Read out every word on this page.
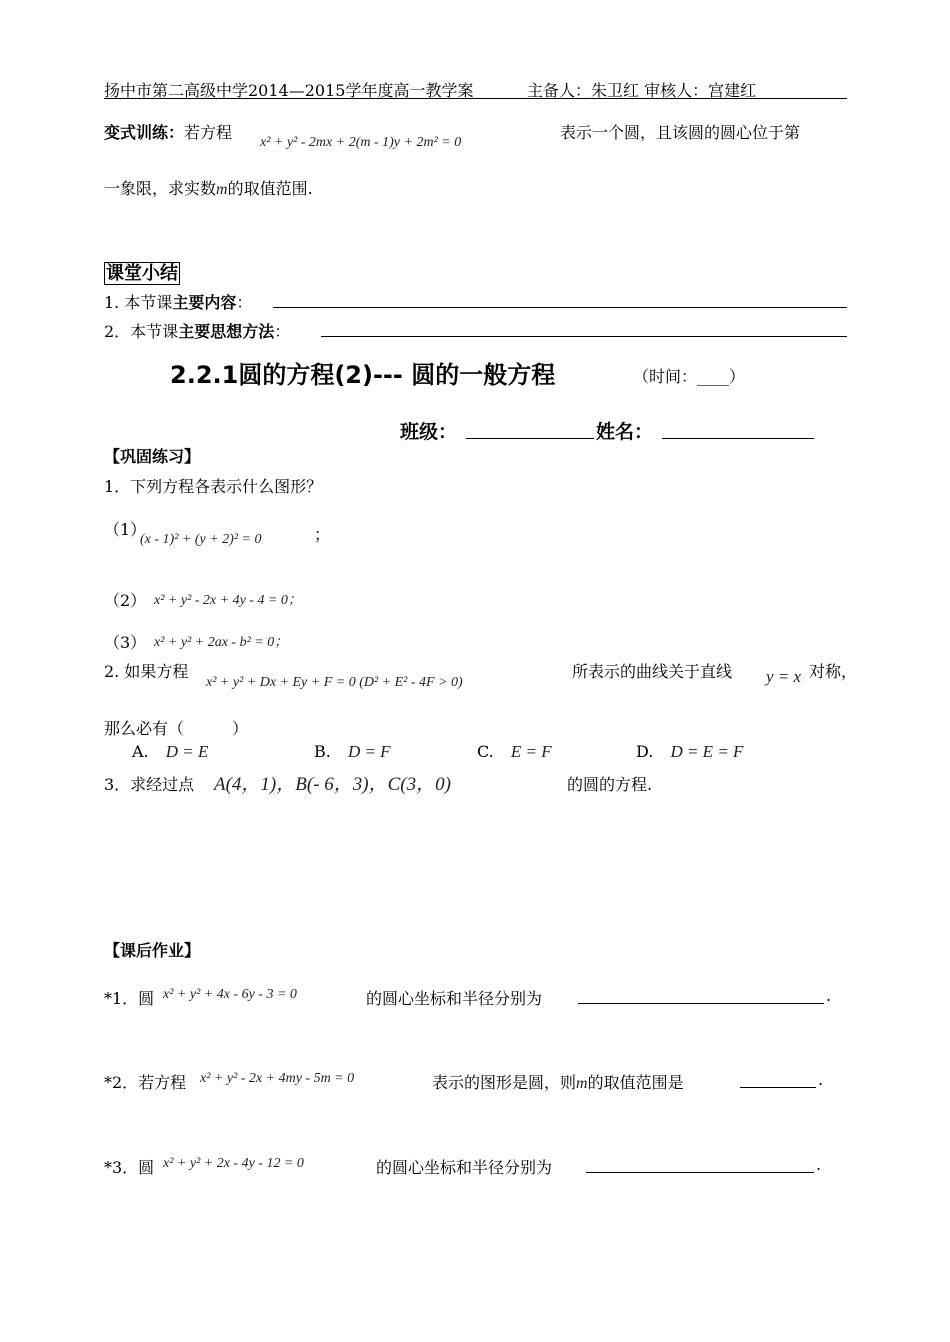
扬中市第二高级中学2014—2015学年度高一教学案	主备人：朱卫红 审核人：宫建红
变式训练：若方程
x² + y² - 2mx + 2(m - 1)y + 2m² = 0
表示一个圆，且该圆的圆心位于第
一象限，求实数m的取值范围.
课堂小结
1. 本节课主要内容：
2．本节课主要思想方法：
2.2.1圆的方程(2)--- 圆的一般方程	（时间：____）
班级：	姓名：
【巩固练习】
1．下列方程各表示什么图形？
（1）
(x - 1)² + (y + 2)² = 0	；
（2） x² + y² - 2x + 4y - 4 = 0；
（3） x² + y² + 2ax - b² = 0；
2. 如果方程
x² + y² + Dx + Ey + F = 0 (D² + E² - 4F > 0)
所表示的曲线关于直线 y = x 对称，
那么必有（　　　）
A. D = E	B. D = F	C. E = F	D. D = E = F
3．求经过点 A(4，1)，B(- 6，3)，C(3，0)	的圆的方程.
【课后作业】
*1．圆 x² + y² + 4x - 6y - 3 = 0	的圆心坐标和半径分别为	.
*2．若方程 x² + y² - 2x + 4my - 5m = 0	表示的图形是圆，则m的取值范围是	.
*3．圆 x² + y² + 2x - 4y - 12 = 0	的圆心坐标和半径分别为	.
